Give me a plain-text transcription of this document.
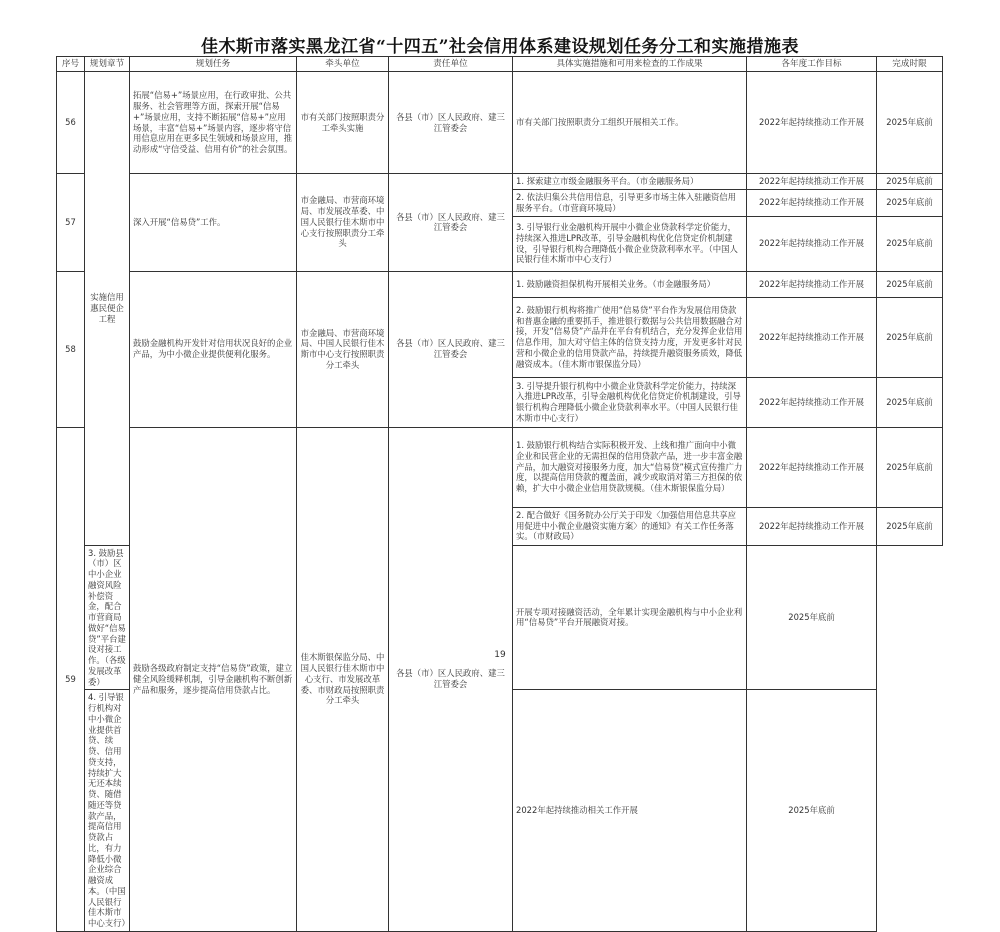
佳木斯市落实黑龙江省“十四五”社会信用体系建设规划任务分工和实施措施表
序号	规划章节	规划任务	牵头单位	责任单位	具体实施措施和可用来检查的工作成果	各年度工作目标	完成时限
56	实施信用惠民便企工程	拓展“信易+”场景应用，在行政审批、公共服务、社会管理等方面，探索开展“信易+”场景应用，支持不断拓展“信易+”应用场景，丰富“信易+”场景内容，逐步将守信用信息应用在更多民生领域和场景应用，推动形成“守信受益、信用有价”的社会氛围。	市有关部门按照职责分工牵头实施	各县（市）区人民政府、建三江管委会	市有关部门按照职责分工组织开展相关工作。	2022年起持续推动工作开展	2025年底前
57		深入开展“信易贷”工作。	市金融局、市营商环境局、市发展改革委、中国人民银行佳木斯市中心支行按照职责分工牵头	各县（市）区人民政府、建三江管委会	1. 探索建立市级金融服务平台。（市金融服务局）	2022年起持续推动工作开展	2025年底前
					2. 依法归集公共信用信息，引导更多市场主体入驻融资信用服务平台。（市营商环境局）	2022年起持续推动工作开展	2025年底前
					3. 引导银行业金融机构开展中小微企业贷款科学定价能力，持续深入推进LPR改革，引导金融机构优化信贷定价机制建设，引导银行机构合理降低小微企业贷款利率水平。（中国人民银行佳木斯市中心支行）	2022年起持续推动工作开展	2025年底前
58		鼓励金融机构开发针对信用状况良好的企业产品，为中小微企业提供便利化服务。	市金融局、市营商环境局、中国人民银行佳木斯市中心支行按照职责分工牵头	各县（市）区人民政府、建三江管委会	1. 鼓励融资担保机构开展相关业务。（市金融服务局）	2022年起持续推动工作开展	2025年底前
					2. 鼓励银行机构将推广使用“信易贷”平台作为发展信用贷款和普惠金融的重要抓手，推进银行数据与公共信用数据融合对接，开发“信易贷”产品并在平台有机结合，充分发挥企业信用信息作用，加大对守信主体的信贷支持力度，开发更多针对民营和小微企业的信用贷款产品，持续提升融资服务质效，降低融资成本。（佳木斯市银保监分局）	2022年起持续推动工作开展	2025年底前
					3. 引导提升银行机构中小微企业贷款科学定价能力，持续深入推进LPR改革，引导金融机构优化信贷定价机制建设，引导银行机构合理降低小微企业贷款利率水平。（中国人民银行佳木斯市中心支行）	2022年起持续推动工作开展	2025年底前
59		鼓励各级政府制定支持“信易贷”政策，建立健全风险缓释机制，引导金融机构不断创新产品和服务，逐步提高信用贷款占比。	佳木斯银保监分局、中国人民银行佳木斯市中心支行、市发展改革委、市财政局按照职责分工牵头	各县（市）区人民政府、建三江管委会	1. 鼓励银行机构结合实际积极开发、上线和推广面向中小微企业和民营企业的无需担保的信用贷款产品，进一步丰富金融产品，加大融资对接服务力度，加大“信易贷”模式宣传推广力度，以提高信用贷款的覆盖面，减少或取消对第三方担保的依赖，扩大中小微企业信用贷款规模。（佳木斯银保监分局）	2022年起持续推动工作开展	2025年底前
					2. 配合做好《国务院办公厅关于印发〈加强信用信息共享应用促进中小微企业融资实施方案〉的通知》有关工作任务落实。（市财政局）	2022年起持续推动工作开展	2025年底前
	3. 鼓励县（市）区中小企业融资风险补偿资金，配合市营商局做好“信易贷”平台建设对接工作。（各级发展改革委）				开展专项对接融资活动，全年累计实现金融机构与中小企业利用“信易贷”平台开展融资对接。	2025年底前	
	4. 引导银行机构对中小微企业提供首贷、续贷、信用贷支持，持续扩大无还本续贷、随借随还等贷款产品，提高信用贷款占比，有力降低小微企业综合融资成本。（中国人民银行佳木斯市中心支行）				2022年起持续推动相关工作开展	2025年底前	
19
